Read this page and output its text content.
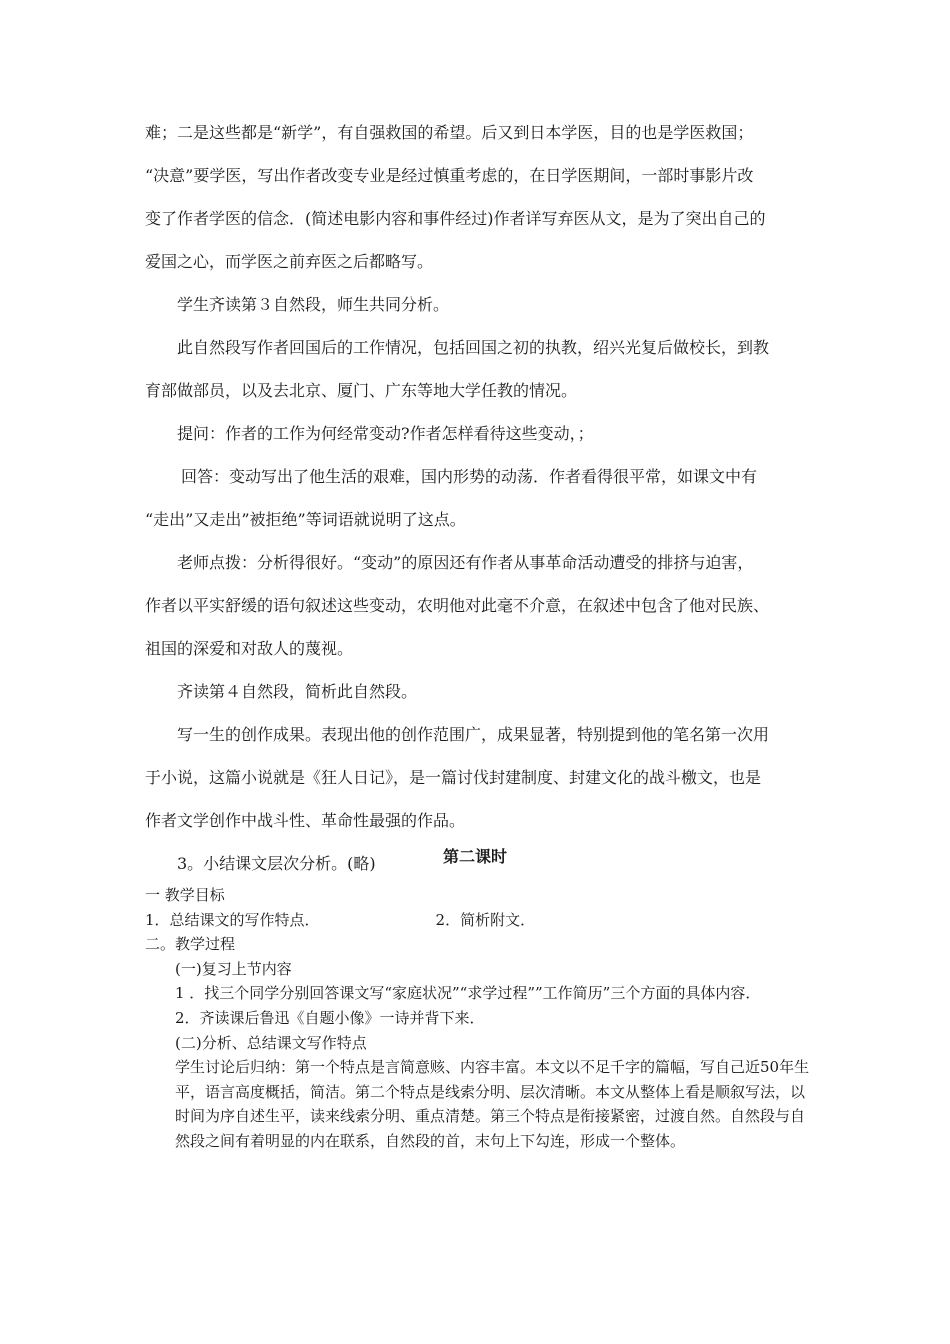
难；二是这些都是“新学”，有自强救国的希望。后又到日本学医，目的也是学医救国；

“决意”要学医，写出作者改变专业是经过慎重考虑的，在日学医期间，一部时事影片改

变了作者学医的信念．(简述电影内容和事件经过)作者详写弃医从文，是为了突出自己的

爱国之心，而学医之前弃医之后都略写。

学生齐读第３自然段，师生共同分析。

此自然段写作者回国后的工作情况，包括回国之初的执教，绍兴光复后做校长，到教

育部做部员，以及去北京、厦门、广东等地大学任教的情况。

提问：作者的工作为何经常变动?作者怎样看待这些变动，；

回答：变动写出了他生活的艰难，国内形势的动荡．作者看得很平常，如课文中有

“走出”又走出”被拒绝”等词语就说明了这点。

老师点拨：分析得很好。“变动”的原因还有作者从事革命活动遭受的排挤与迫害，

作者以平实舒缓的语句叙述这些变动，农明他对此毫不介意，在叙述中包含了他对民族、

祖国的深爱和对敌人的蔑视。

齐读第４自然段，简析此自然段。

写一生的创作成果。表现出他的创作范围广，成果显著，特别提到他的笔名第一次用

于小说，这篇小说就是《狂人日记》，是一篇讨伐封建制度、封建文化的战斗檄文，也是

作者文学创作中战斗性、革命性最强的作品。

3。小结课文层次分析。(略)	第二课时

一 教学目标

1．总结课文的写作特点．	2．简析附文．

二。教学过程

(一)复习上节内容

1 ．找三个同学分别回答课文写“家庭状况”“求学过程””工作简历”三个方面的具体内容．

2．齐读课后鲁迅《自题小像》一诗并背下来．

(二)分析、总结课文写作特点

学生讨论后归纳：第一个特点是言简意赅、内容丰富。本文以不足千字的篇幅，写自己近50年生平，语言高度概括，简洁。第二个特点是线索分明、层次清晰。本文从整体上看是顺叙写法，以时间为序自述生平，读来线索分明、重点清楚。第三个特点是衔接紧密，过渡自然。自然段与自然段之间有着明显的内在联系，自然段的首，末句上下勾连，形成一个整体。
